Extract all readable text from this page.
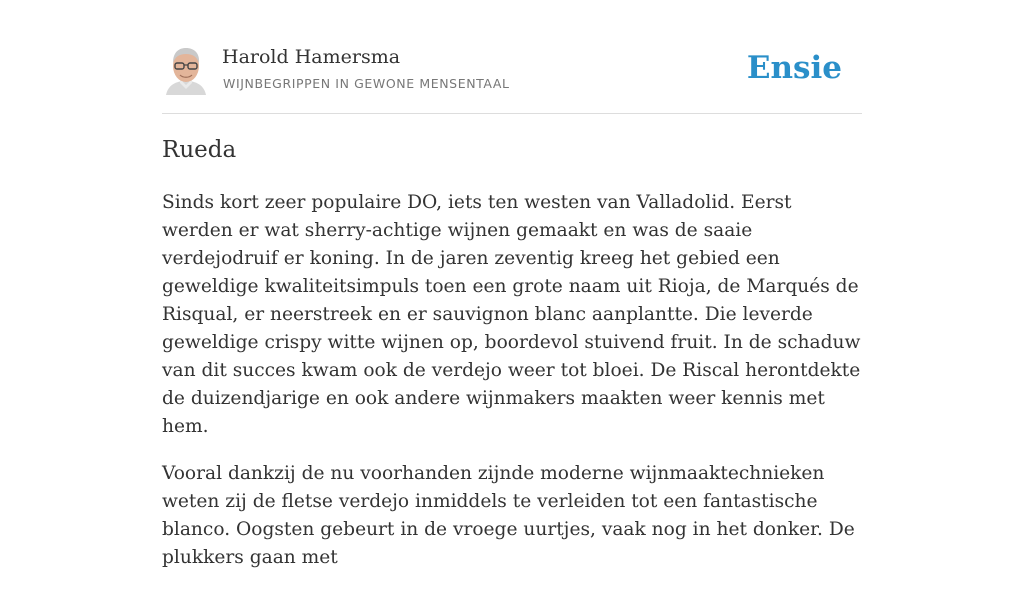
Harold Hamersma
WIJNBEGRIPPEN IN GEWONE MENSENTAAL	Ensie
Rueda

Sinds kort zeer populaire DO, iets ten westen van Valladolid. Eerst werden er wat sherry-achtige wijnen gemaakt en was de saaie verdejodruif er koning. In de jaren zeventig kreeg het gebied een geweldige kwaliteitsimpuls toen een grote naam uit Rioja, de Marqués de Risqual, er neerstreek en er sauvignon blanc aanplantte. Die leverde geweldige crispy witte wijnen op, boordevol stuivend fruit. In de schaduw van dit succes kwam ook de verdejo weer tot bloei. De Riscal herontdekte de duizendjarige en ook andere wijnmakers maakten weer kennis met hem.

Vooral dankzij de nu voorhanden zijnde moderne wijnmaaktechnieken weten zij de fletse verdejo inmiddels te verleiden tot een fantastische blanco. Oogsten gebeurt in de vroege uurtjes, vaak nog in het donker. De plukkers gaan met
